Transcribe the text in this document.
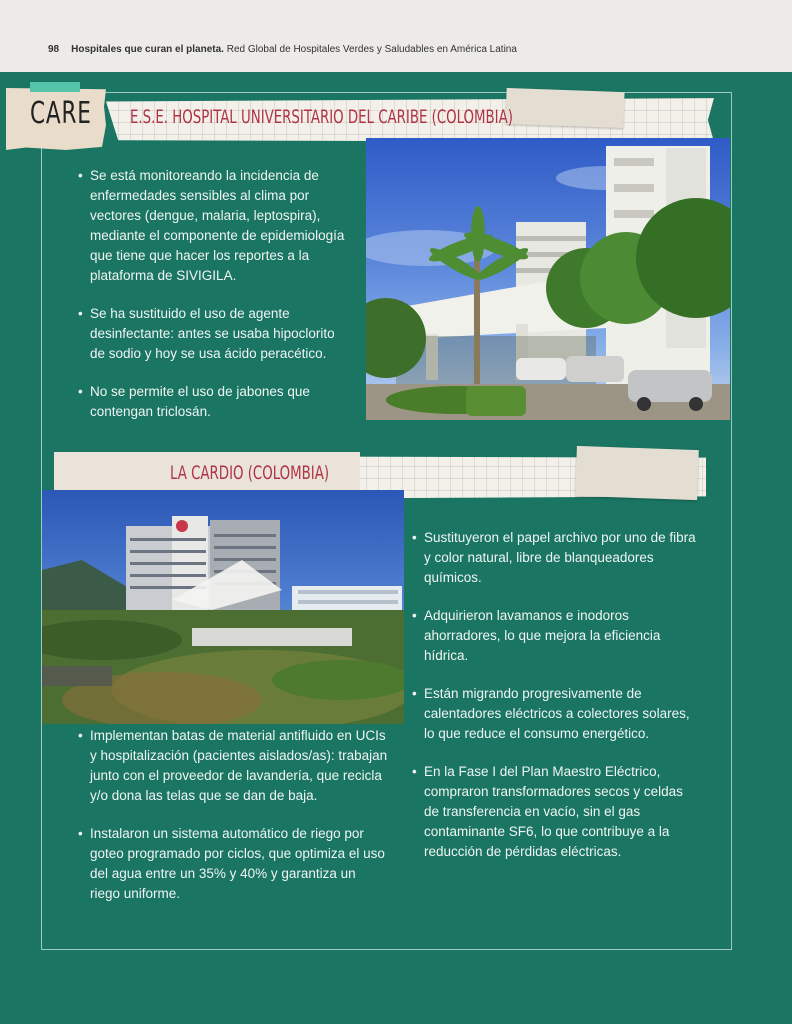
98 Hospitales que curan el planeta. Red Global de Hospitales Verdes y Saludables en América Latina
E.S.E. HOSPITAL UNIVERSITARIO DEL CARIBE (COLOMBIA)
CARE
• Se está monitoreando la incidencia de enfermedades sensibles al clima por vectores (dengue, malaria, leptospira), mediante el componente de epidemiología que tiene que hacer los reportes a la plataforma de SIVIGILA.
• Se ha sustituido el uso de agente desinfectante: antes se usaba hipoclorito de sodio y hoy se usa ácido peracético.
• No se permite el uso de jabones que contengan triclosán.
LA CARDIO (COLOMBIA)
• Sustituyeron el papel archivo por uno de fibra y color natural, libre de blanqueadores químicos.
• Adquirieron lavamanos e inodoros ahorradores, lo que mejora la eficiencia hídrica.
• Están migrando progresivamente de calentadores eléctricos a colectores solares, lo que reduce el consumo energético.
• En la Fase I del Plan Maestro Eléctrico, compraron transformadores secos y celdas de transferencia en vacío, sin el gas contaminante SF6, lo que contribuye a la reducción de pérdidas eléctricas.
• Implementan batas de material antifluido en UCIs y hospitalización (pacientes aislados/as): trabajan junto con el proveedor de lavandería, que recicla y/o dona las telas que se dan de baja.
• Instalaron un sistema automático de riego por goteo programado por ciclos, que optimiza el uso del agua entre un 35% y 40% y garantiza un riego uniforme.
